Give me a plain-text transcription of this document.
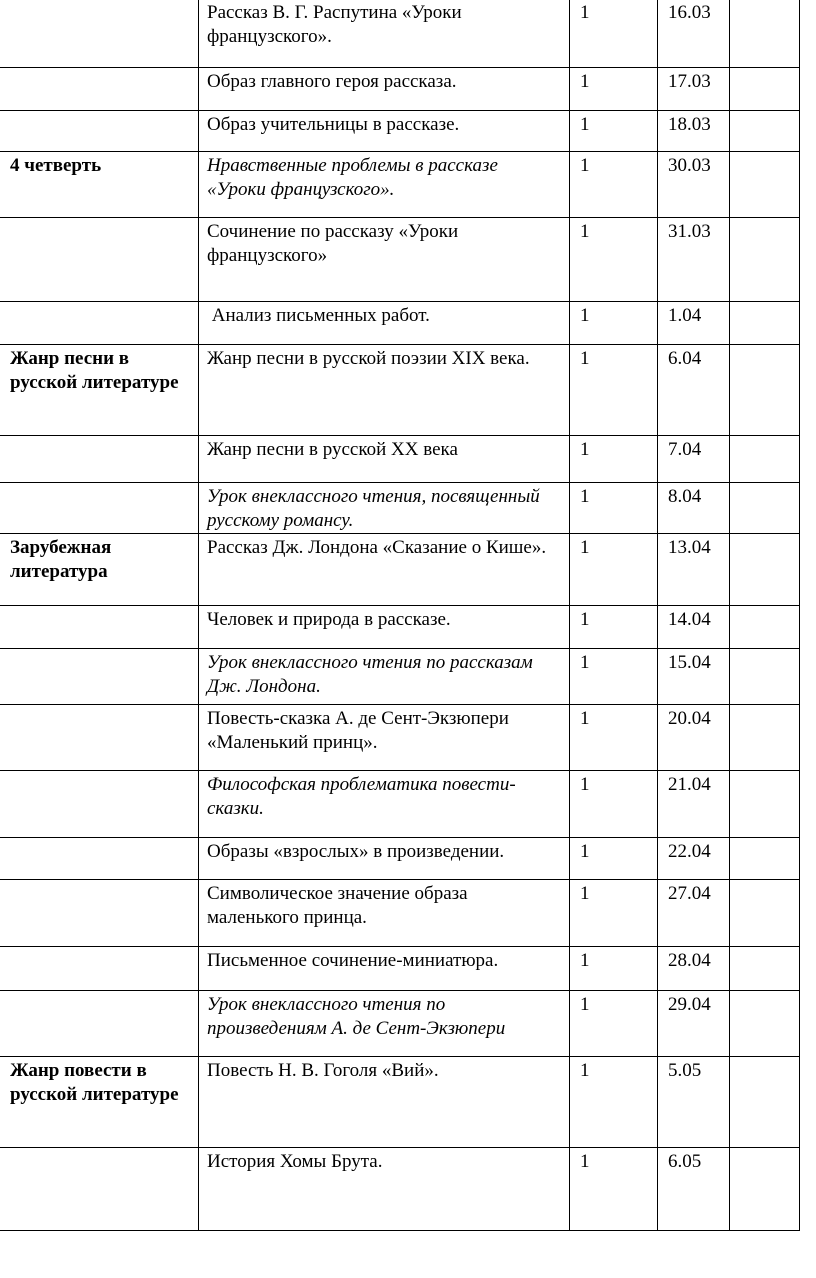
	Рассказ В. Г. Распутина «Уроки французского».	1	16.03	
	Образ главного героя рассказа.	1	17.03	
	Образ учительницы в рассказе.	1	18.03	
4 четверть	Нравственные проблемы в рассказе «Уроки французского».	1	30.03	
	Сочинение по рассказу «Уроки французского»	1	31.03	
	Анализ письменных работ.	1	1.04	
Жанр песни в русской литературе	Жанр песни в русской поэзии XIX века.	1	6.04	
	Жанр песни в русской XX века	1	7.04	
	Урок внеклассного чтения, посвященный русскому романсу.	1	8.04	
Зарубежная литература	Рассказ Дж. Лондона «Сказание о Кише».	1	13.04	
	Человек и природа в рассказе.	1	14.04	
	Урок внеклассного чтения по рассказам Дж. Лондона.	1	15.04	
	Повесть-сказка А. де Сент-Экзюпери «Маленький принц».	1	20.04	
	Философская проблематика повести-сказки.	1	21.04	
	Образы «взрослых» в произведении.	1	22.04	
	Символическое значение образа маленького принца.	1	27.04	
	Письменное сочинение-миниатюра.	1	28.04	
	Урок внеклассного чтения по произведениям А. де Сент-Экзюпери	1	29.04	
Жанр повести в русской литературе	Повесть Н. В. Гоголя «Вий».	1	5.05	
	История Хомы Брута.	1	6.05	
